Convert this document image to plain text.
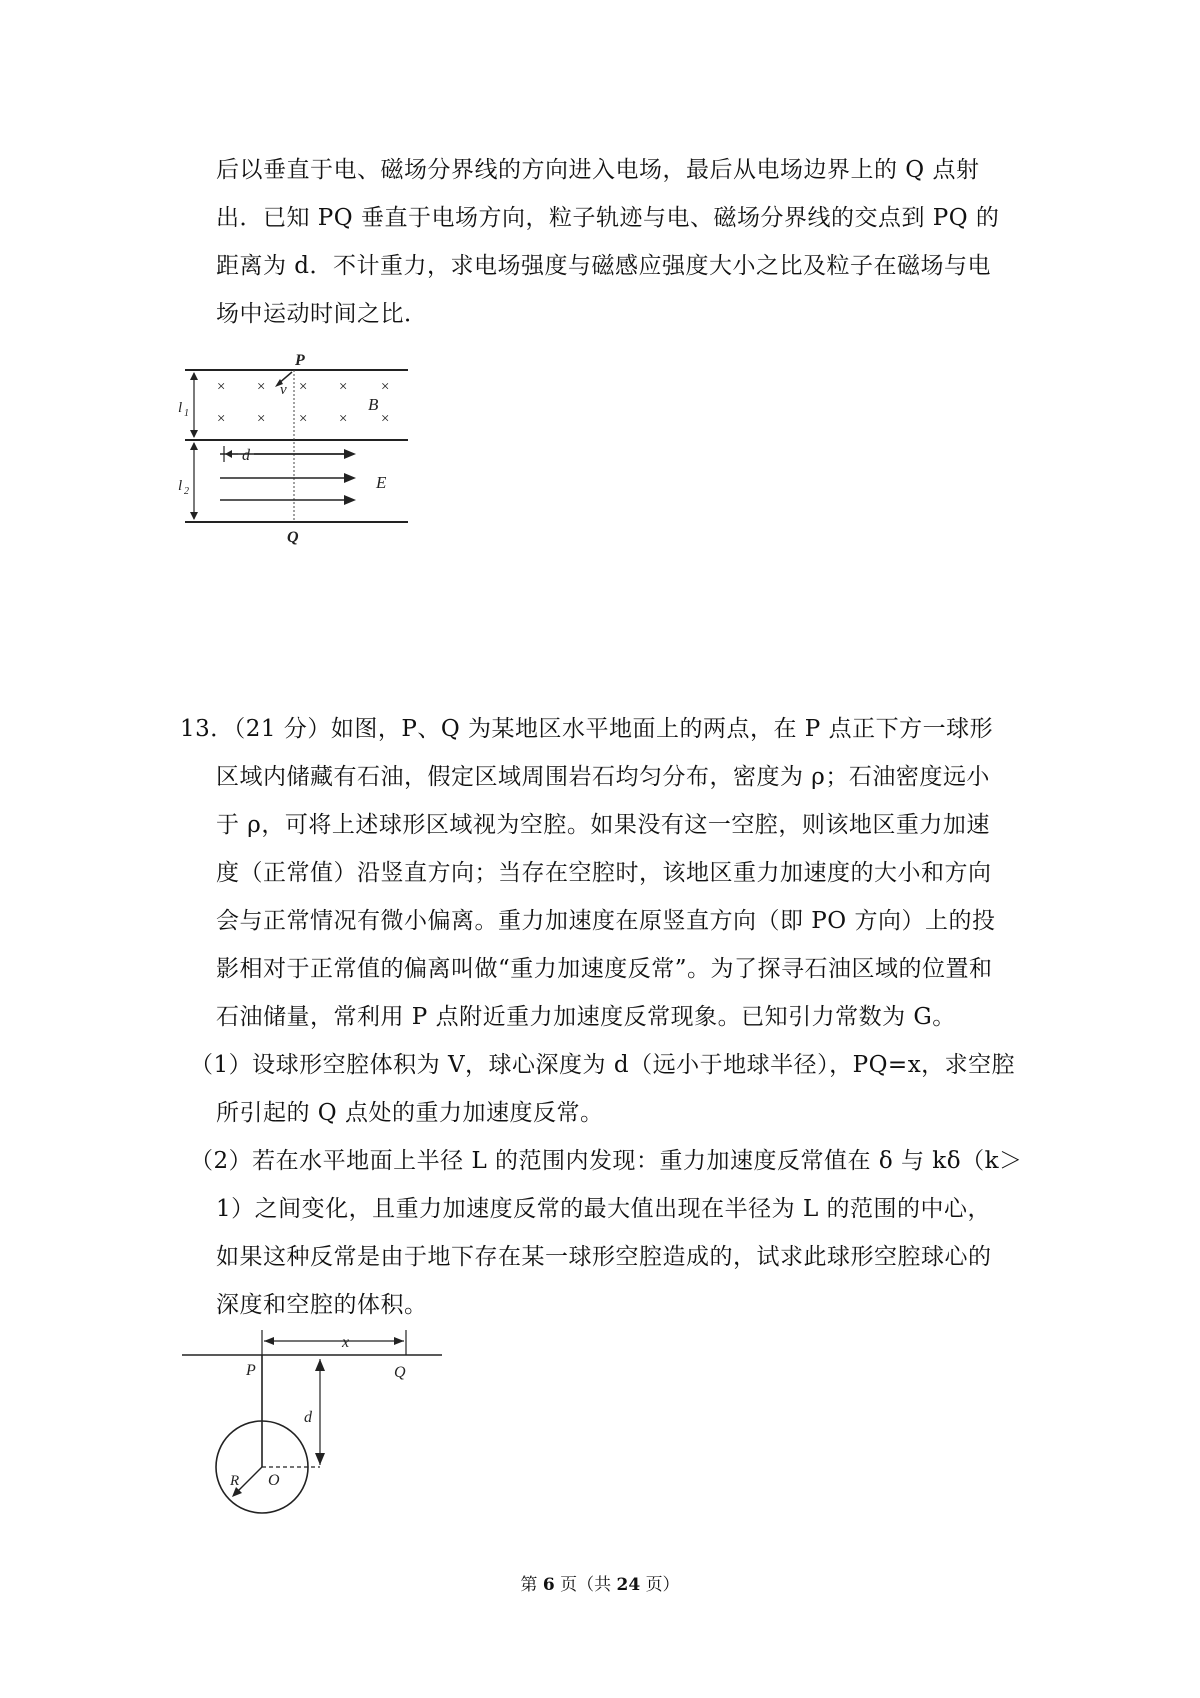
后以垂直于电、磁场分界线的方向进入电场，最后从电场边界上的 Q 点射
出．已知 PQ 垂直于电场方向，粒子轨迹与电、磁场分界线的交点到 PQ 的
距离为 d．不计重力，求电场强度与磁感应强度大小之比及粒子在磁场与电
场中运动时间之比．
l 1
l 2
× × × × ×
× × × × ×
P
v
B
d
E
Q
13．（21 分）如图，P、Q 为某地区水平地面上的两点，在 P 点正下方一球形
区域内储藏有石油，假定区域周围岩石均匀分布，密度为 ρ；石油密度远小
于 ρ，可将上述球形区域视为空腔。如果没有这一空腔，则该地区重力加速
度（正常值）沿竖直方向；当存在空腔时，该地区重力加速度的大小和方向
会与正常情况有微小偏离。重力加速度在原竖直方向（即 PO 方向）上的投
影相对于正常值的偏离叫做“重力加速度反常”。为了探寻石油区域的位置和
石油储量，常利用 P 点附近重力加速度反常现象。已知引力常数为 G。
（1）设球形空腔体积为 V，球心深度为 d（远小于地球半径），PQ=x，求空腔
所引起的 Q 点处的重力加速度反常。
（2）若在水平地面上半径 L 的范围内发现：重力加速度反常值在 δ 与 kδ（k＞
1）之间变化，且重力加速度反常的最大值出现在半径为 L 的范围的中心，
如果这种反常是由于地下存在某一球形空腔造成的，试求此球形空腔球心的
深度和空腔的体积。
x
P	Q
d
R O
第 6 页（共 24 页）
